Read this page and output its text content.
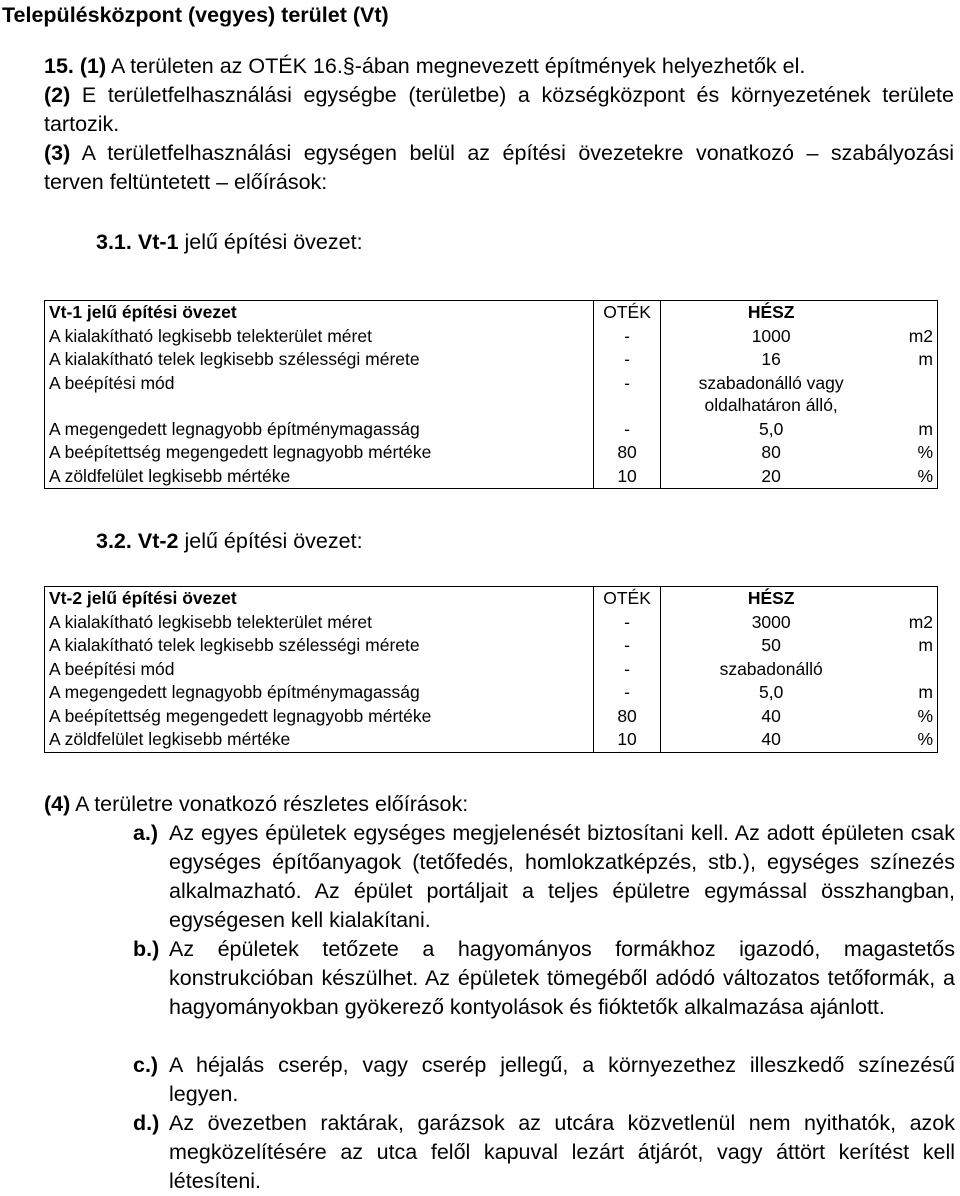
Településközpont (vegyes) terület (Vt)
15. (1) A területen az OTÉK 16.§-ában megnevezett építmények helyezhetők el.
(2) E területfelhasználási egységbe (területbe) a községközpont és környezetének területe tartozik.
(3) A területfelhasználási egységen belül az építési övezetekre vonatkozó – szabályozási terven feltüntetett – előírások:
3.1. Vt-1 jelű építési övezet:
Vt-1 jelű építési övezet	OTÉK	HÉSZ	
A kialakítható legkisebb telekterület méret	-	1000	m2
A kialakítható telek legkisebb szélességi mérete	-	16	m
A beépítési mód	-	szabadonálló vagy oldalhatáron álló,	
A megengedett legnagyobb építménymagasság	-	5,0	m
A beépítettség megengedett legnagyobb mértéke	80	80	%
A zöldfelület legkisebb mértéke	10	20	%
3.2. Vt-2 jelű építési övezet:
Vt-2 jelű építési övezet	OTÉK	HÉSZ	
A kialakítható legkisebb telekterület méret	-	3000	m2
A kialakítható telek legkisebb szélességi mérete	-	50	m
A beépítési mód	-	szabadonálló	
A megengedett legnagyobb építménymagasság	-	5,0	m
A beépítettség megengedett legnagyobb mértéke	80	40	%
A zöldfelület legkisebb mértéke	10	40	%
(4) A területre vonatkozó részletes előírások:
a.) Az egyes épületek egységes megjelenését biztosítani kell. Az adott épületen csak egységes építőanyagok (tetőfedés, homlokzatképzés, stb.), egységes színezés alkalmazható. Az épület portáljait a teljes épületre egymással összhangban, egységesen kell kialakítani.
b.) Az épületek tetőzete a hagyományos formákhoz igazodó, magastetős konstrukcióban készülhet. Az épületek tömegéből adódó változatos tetőformák, a hagyományokban gyökerező kontyolások és fióktetők alkalmazása ajánlott.
c.) A héjalás cserép, vagy cserép jellegű, a környezethez illeszkedő színezésű legyen.
d.) Az övezetben raktárak, garázsok az utcára közvetlenül nem nyithatók, azok megközelítésére az utca felől kapuval lezárt átjárót, vagy áttört kerítést kell létesíteni.
